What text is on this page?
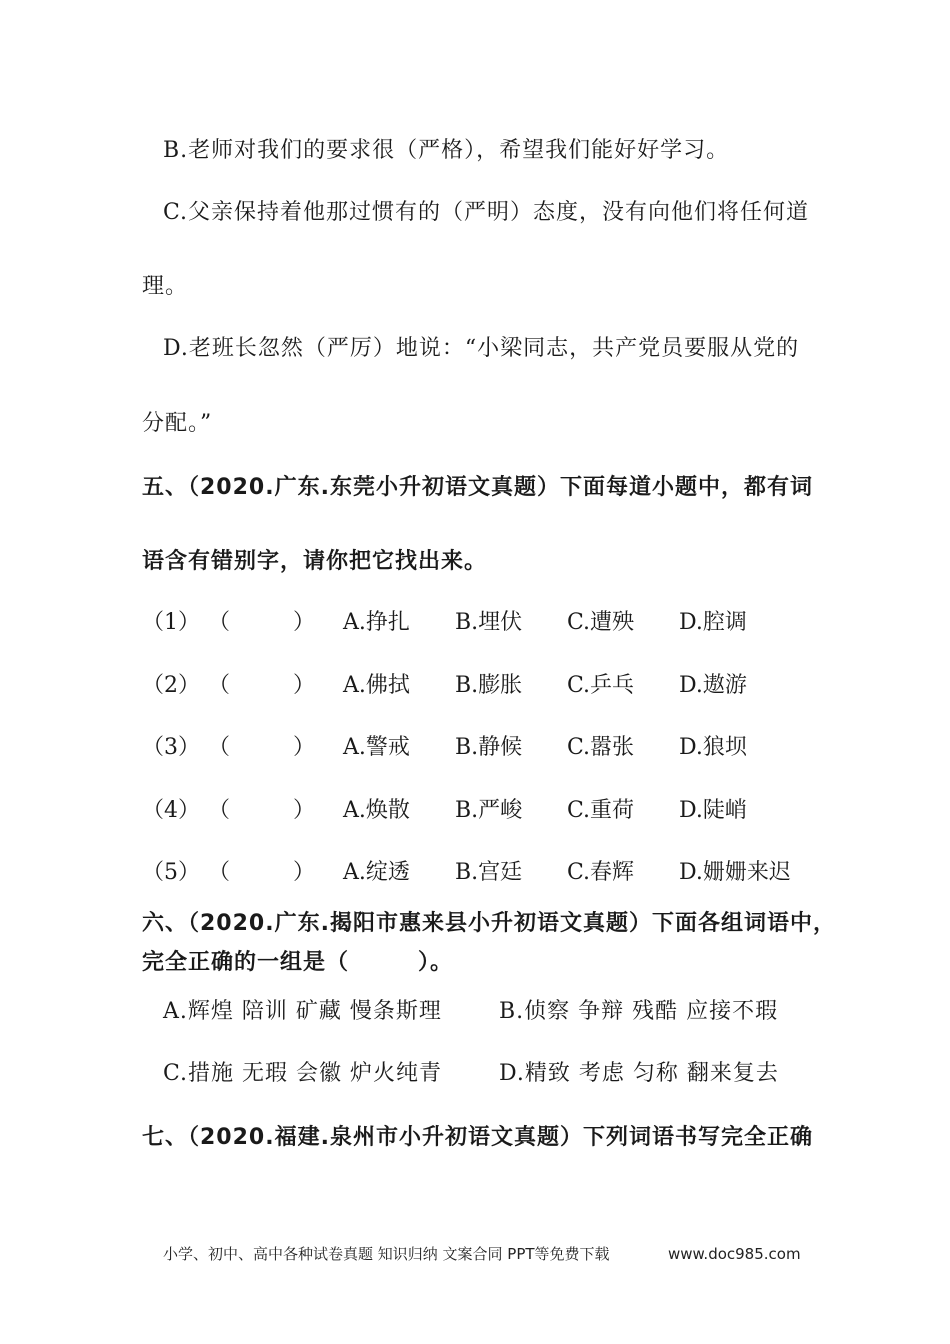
B.老师对我们的要求很（严格），希望我们能好好学习。
C.父亲保持着他那过惯有的（严明）态度，没有向他们将任何道
理。
D.老班长忽然（严厉）地说：“小梁同志，共产党员要服从党的
分配。”
五、（2020.广东.东莞小升初语文真题）下面每道小题中，都有词
语含有错别字，请你把它找出来。
（1） （	） A.挣扎 B.埋伏 C.遭殃 D.腔调
（2） （	） A.佛拭 B.膨胀 C.乒乓 D.遨游
（3） （	） A.警戒 B.静候 C.嚣张 D.狼坝
（4） （	） A.焕散 B.严峻 C.重荷 D.陡峭
（5） （	） A.绽透 B.宫廷 C.春辉 D.姗姗来迟
六、（2020.广东.揭阳市惠来县小升初语文真题）下面各组词语中，
完全正确的一组是（　　　）。
A.辉煌 陪训 矿藏 慢条斯理	B.侦察 争辩 残酷 应接不瑕
C.措施 无瑕 会徽 炉火纯青	D.精致 考虑 匀称 翻来复去
七、（2020.福建.泉州市小升初语文真题）下列词语书写完全正确
小学、初中、高中各种试卷真题 知识归纳 文案合同 PPT等免费下载	www.doc985.com
